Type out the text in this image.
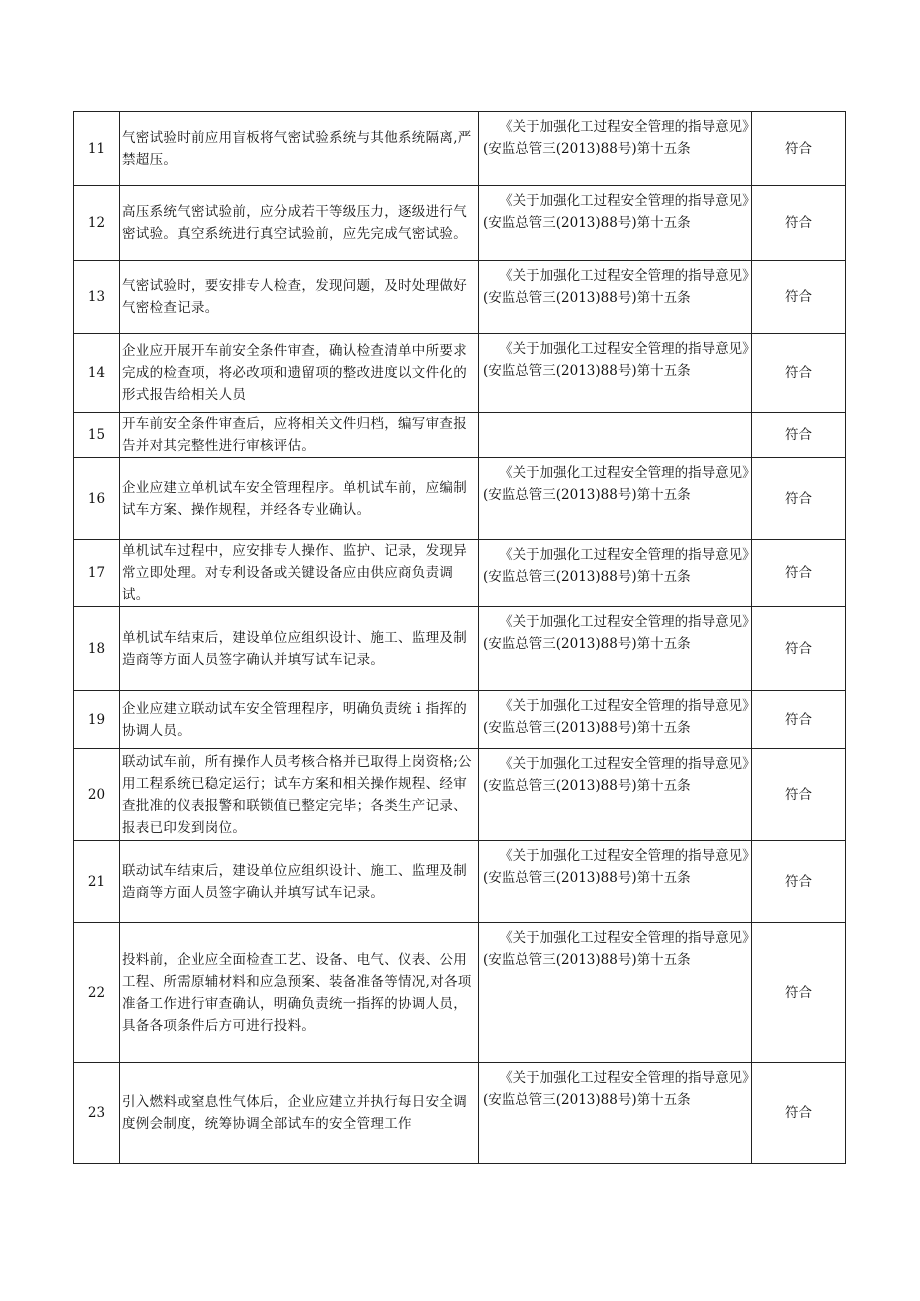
11	气密试验时前应用盲板将气密试验系统与其他系统隔离,严禁超压。	《关于加强化工过程安全管理的指导意见》(安监总管三(2013)88号)第十五条	符合
12	高压系统气密试验前，应分成若干等级压力，逐级进行气密试验。真空系统进行真空试验前，应先完成气密试验。	《关于加强化工过程安全管理的指导意见》(安监总管三(2013)88号)第十五条	符合
13	气密试验时，要安排专人检查，发现问题，及时处理做好气密检查记录。	《关于加强化工过程安全管理的指导意见》(安监总管三(2013)88号)第十五条	符合
14	企业应开展开车前安全条件审查，确认检查清单中所要求完成的检查项，将必改项和遗留项的整改进度以文件化的形式报告给相关人员	《关于加强化工过程安全管理的指导意见》(安监总管三(2013)88号)第十五条	符合
15	开车前安全条件审查后，应将相关文件归档，编写审查报告并对其完整性进行审核评估。		符合
16	企业应建立单机试车安全管理程序。单机试车前，应编制试车方案、操作规程，并经各专业确认。	《关于加强化工过程安全管理的指导意见》(安监总管三(2013)88号)第十五条	符合
17	单机试车过程中，应安排专人操作、监护、记录，发现异常立即处理。对专利设备或关键设备应由供应商负责调试。	《关于加强化工过程安全管理的指导意见》(安监总管三(2013)88号)第十五条	符合
18	单机试车结束后，建设单位应组织设计、施工、监理及制造商等方面人员签字确认并填写试车记录。	《关于加强化工过程安全管理的指导意见》(安监总管三(2013)88号)第十五条	符合
19	企业应建立联动试车安全管理程序，明确负责统ｉ指挥的协调人员。	《关于加强化工过程安全管理的指导意见》(安监总管三(2013)88号)第十五条	符合
20	联动试车前，所有操作人员考核合格并已取得上岗资格;公用工程系统已稳定运行；试车方案和相关操作规程、经审查批准的仪表报警和联锁值已整定完毕；各类生产记录、报表已印发到岗位。	《关于加强化工过程安全管理的指导意见》(安监总管三(2013)88号)第十五条	符合
21	联动试车结束后，建设单位应组织设计、施工、监理及制造商等方面人员签字确认并填写试车记录。	《关于加强化工过程安全管理的指导意见》(安监总管三(2013)88号)第十五条	符合
22	投料前，企业应全面检查工艺、设备、电气、仪表、公用工程、所需原辅材料和应急预案、装备准备等情况,对各项准备工作进行审查确认，明确负责统一指挥的协调人员，具备各项条件后方可进行投料。	《关于加强化工过程安全管理的指导意见》(安监总管三(2013)88号)第十五条	符合
23	引入燃料或窒息性气体后，企业应建立并执行每日安全调度例会制度，统筹协调全部试车的安全管理工作	《关于加强化工过程安全管理的指导意见》(安监总管三(2013)88号)第十五条	符合
